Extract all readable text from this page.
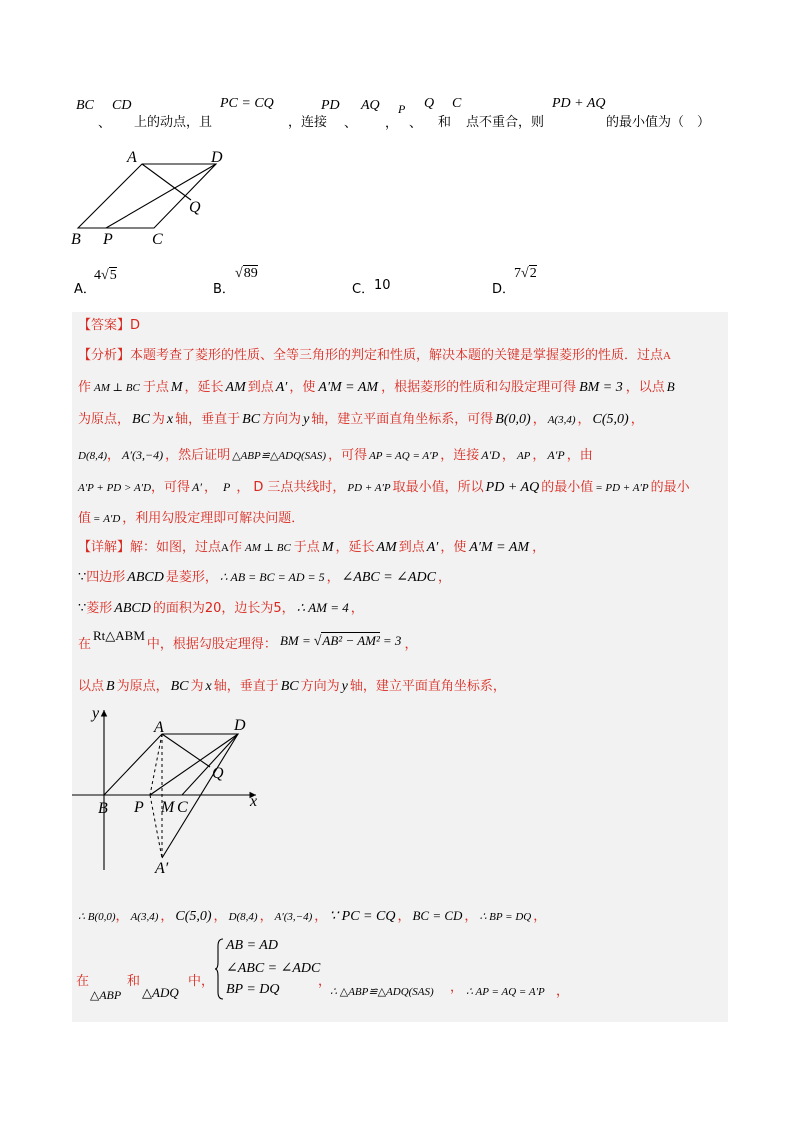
BC
、
CD
上的动点，且
PC = CQ
，连接
PD
、
AQ
，
P
、
Q
和
C
点不重合，则
PD + AQ
的最小值为（　）
A	D
Q
B P C
A．
4√5
B．
√89
C． 10	D．
7√2
【答案】D
【分析】本题考查了菱形的性质、全等三角形的判定和性质，解决本题的关键是掌握菱形的性质．过点A
作 AM ⊥ BC 于点 M ，延长 AM 到点 A′ ，使 A′M = AM ，根据菱形的性质和勾股定理可得 BM = 3 ，以点 B
为原点， BC 为 x 轴，垂直于 BC 方向为 y 轴，建立平面直角坐标系，可得 B(0,0) ， A(3,4) ， C(5,0) ，
D(8,4)， A′(3,−4) ，然后证明 △ABP≌△ADQ(SAS) ，可得 AP = AQ = A′P ，连接 A′D ， AP ， A′P ，由
A′P + PD > A′D，可得 A′ ， P ， D 三点共线时， PD + A′P 取最小值，所以 PD + AQ 的最小值 = PD + A′P 的最小
值 = A′D ，利用勾股定理即可解决问题．
【详解】解：如图，过点A作 AM ⊥ BC 于点 M ，延长 AM 到点 A′ ，使 A′M = AM ，
∵四边形 ABCD 是菱形， ∴ AB = BC = AD = 5 ， ∠ABC = ∠ADC ，
∵菱形 ABCD 的面积为20，边长为5， ∴ AM = 4 ，
在Rt△ABM中，根据勾股定理得： BM = √AB² − AM² = 3 ，
以点 B 为原点， BC 为 x 轴，垂直于 BC 方向为 y 轴，建立平面直角坐标系，
y
x
A	D
Q
B P M C
A′
∴ B(0,0)， A(3,4) ， C(5,0) ， D(8,4) ， A′(3,−4) ， ∵ PC = CQ ， BC = CD ， ∴ BP = DQ ，
在
△ABP
和
△ADQ
中，
AB = AD
∠ABC = ∠ADC
BP = DQ
，
∴ △ABP≌△ADQ(SAS) ， ∴ AP = AQ = A′P ，
